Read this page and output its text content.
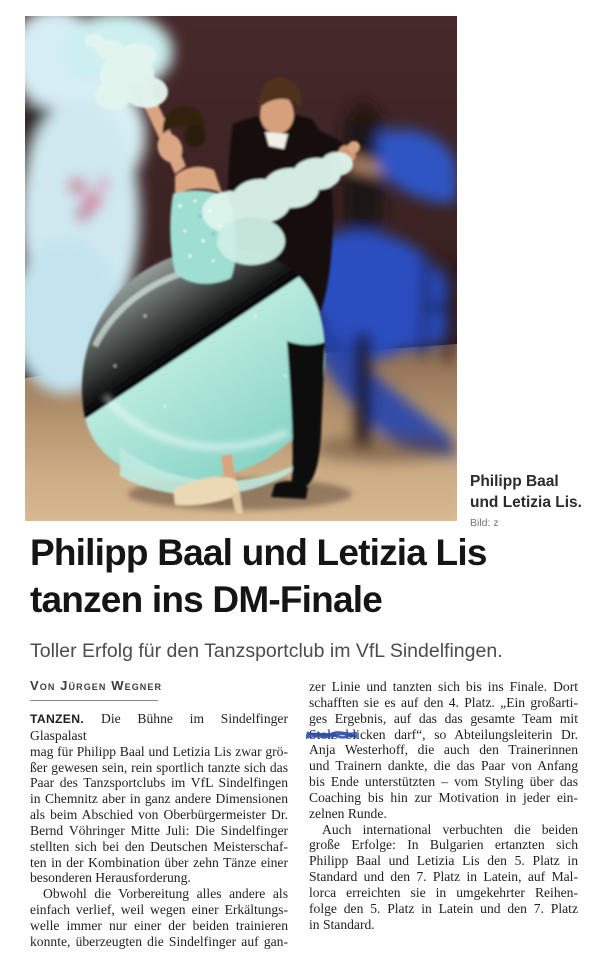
Philipp Baal
und Letizia Lis.
Bild: z
Philipp Baal und Letizia Lis
tanzen ins DM-Finale
Toller Erfolg für den Tanzsportclub im VfL Sindelfingen.
Von Jürgen Wegner
TANZEN. Die Bühne im Sindelfinger Glaspalast
mag für Philipp Baal und Letizia Lis zwar grö-
ßer gewesen sein, rein sportlich tanzte sich das
Paar des Tanzsportclubs im VfL Sindelfingen
in Chemnitz aber in ganz andere Dimensionen
als beim Abschied von Oberbürgermeister Dr.
Bernd Vöhringer Mitte Juli: Die Sindelfinger
stellten sich bei den Deutschen Meisterschaf-
ten in der Kombination über zehn Tänze einer
besonderen Herausforderung.
Obwohl die Vorbereitung alles andere als
einfach verlief, weil wegen einer Erkältungs-
welle immer nur einer der beiden trainieren
konnte, überzeugten die Sindelfinger auf gan-
zer Linie und tanzten sich bis ins Finale. Dort
schafften sie es auf den 4. Platz. „Ein großarti-
ges Ergebnis, auf das das gesamte Team mit
Stolz b
licken darf“, so Abteilungsleiterin Dr.
Anja Westerhoff, die auch den Trainerinnen
und Trainern dankte, die das Paar von Anfang
bis Ende unterstützten – vom Styling über das
Coaching bis hin zur Motivation in jeder ein-
zelnen Runde.
Auch international verbuchten die beiden
große Erfolge: In Bulgarien ertanzten sich
Philipp Baal und Letizia Lis den 5. Platz in
Standard und den 7. Platz in Latein, auf Mal-
lorca erreichten sie in umgekehrter Reihen-
folge den 5. Platz in Latein und den 7. Platz
in Standard.
